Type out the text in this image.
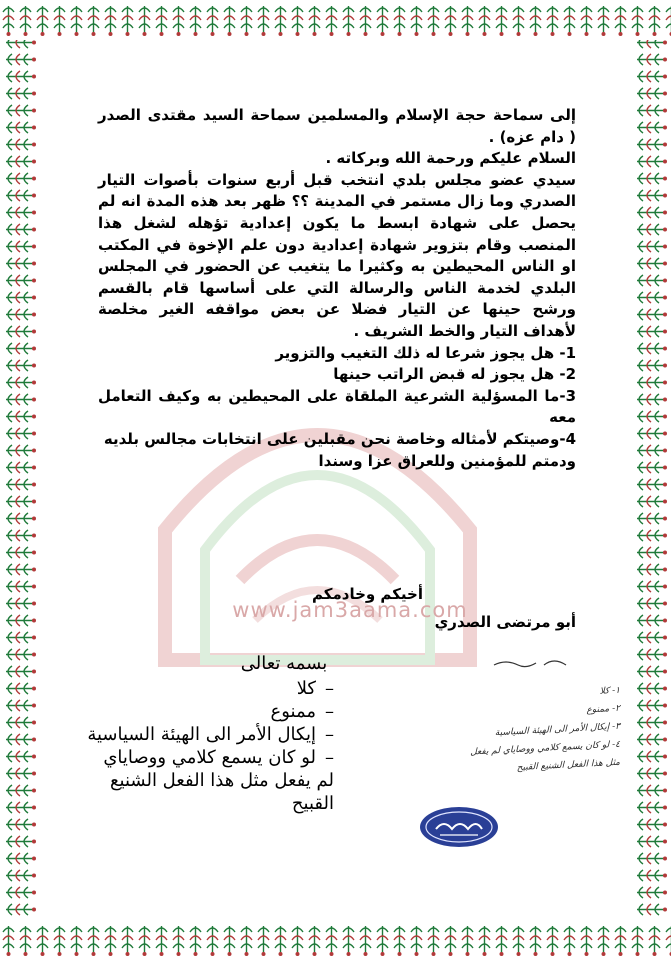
www.jam3aama.com

إلى سماحة حجة الإسلام والمسلمين سماحة السيد مقتدى الصدر ( دام عزه) .

السلام عليكم ورحمة الله وبركاته .

سيدي عضو مجلس بلدي انتخب قبل أربع سنوات بأصوات التيار الصدري وما زال مستمر في المدينة ؟؟ ظهر بعد هذه المدة انه لم يحصل على شهادة ابسط ما يكون إعدادية تؤهله لشغل هذا المنصب وقام بتزوير شهادة إعدادية دون علم الإخوة في المكتب او الناس المحيطين به وكثيرا ما يتغيب عن الحضور في المجلس البلدي لخدمة الناس والرسالة التي على أساسها قام بالقسم ورشح حينها عن التيار فضلا عن بعض مواقفه الغير مخلصة لأهداف التيار والخط الشريف .

1- هل يجوز شرعا له ذلك التغيب والتزوير

2- هل يجوز له قبض الراتب حينها

3-ما المسؤلية الشرعية الملقاة على المحيطين به وكيف التعامل معه

4-وصيتكم لأمثاله وخاصة نحن مقبلين على انتخابات مجالس بلديه

ودمتم للمؤمنين وللعراق عزا وسندا

أخيكم وخادمكم
أبو مرتضى الصدري
١- كلا
٢- ممنوع
٣- إيكال الأمر الى الهيئة السياسية
٤- لو كان يسمع كلامي ووصاياي لم يفعل
مثل هذا الفعل الشنيع القبيح
بسمه تعالى
–كلا
–ممنوع
–إيكال الأمر الى الهيئة السياسية
–لو كان يسمع كلامي ووصاياي لم يفعل مثل هذا الفعل الشنيع القبيح
